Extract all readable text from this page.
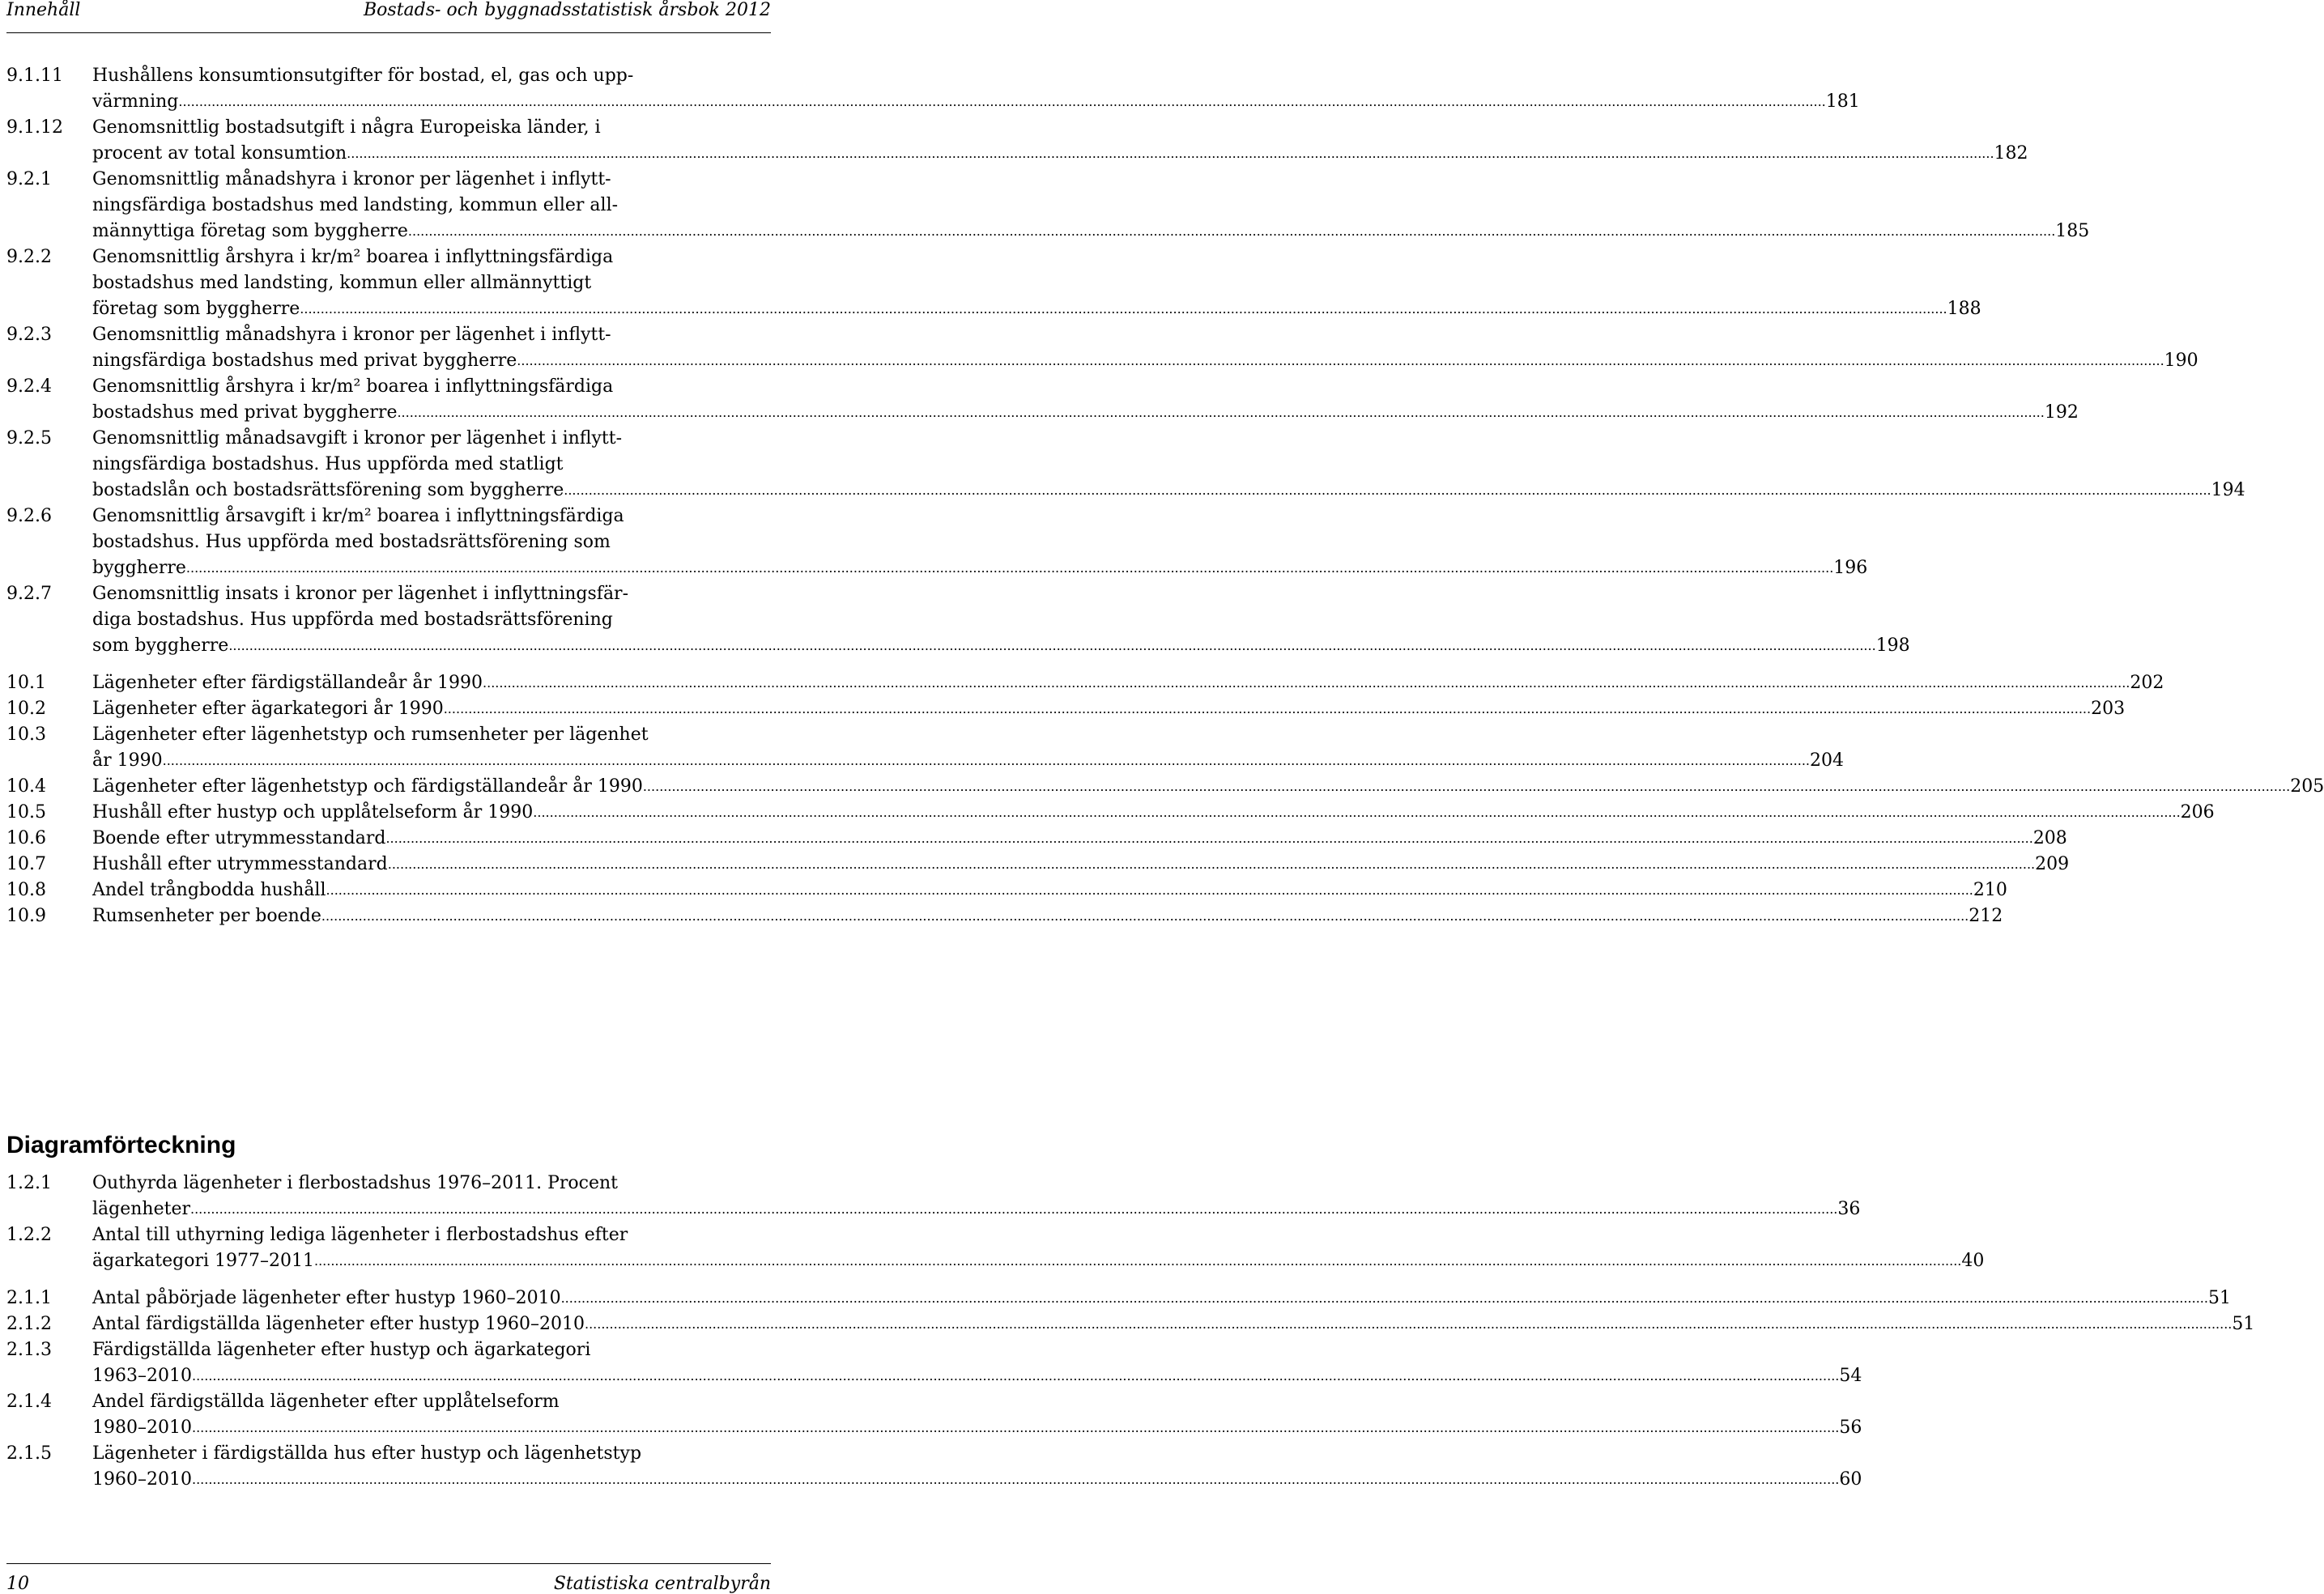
Innehåll	Bostads- och byggnadsstatistisk årsbok 2012
9.1.11 Hushållens konsumtionsutgifter för bostad, el, gas och upp-
värmning ................................................................................................................................................................................................................................................................................................................................................................................................................ 181
9.1.12 Genomsnittlig bostadsutgift i några Europeiska länder, i
procent av total konsumtion ................................................................................................................................................................................................................................................................................................................................................................................................................ 182
9.2.1 Genomsnittlig månadshyra i kronor per lägenhet i inflytt-
ningsfärdiga bostadshus med landsting, kommun eller all-
männyttiga företag som byggherre ................................................................................................................................................................................................................................................................................................................................................................................................................ 185
9.2.2 Genomsnittlig årshyra i kr/m² boarea i inflyttningsfärdiga
bostadshus med landsting, kommun eller allmännyttigt
företag som byggherre ................................................................................................................................................................................................................................................................................................................................................................................................................ 188
9.2.3 Genomsnittlig månadshyra i kronor per lägenhet i inflytt-
ningsfärdiga bostadshus med privat byggherre ................................................................................................................................................................................................................................................................................................................................................................................................................ 190
9.2.4 Genomsnittlig årshyra i kr/m² boarea i inflyttningsfärdiga
bostadshus med privat byggherre ................................................................................................................................................................................................................................................................................................................................................................................................................ 192
9.2.5 Genomsnittlig månadsavgift i kronor per lägenhet i inflytt-
ningsfärdiga bostadshus. Hus uppförda med statligt
bostadslån och bostadsrättsförening som byggherre ................................................................................................................................................................................................................................................................................................................................................................................................................ 194
9.2.6 Genomsnittlig årsavgift i kr/m² boarea i inflyttningsfärdiga
bostadshus. Hus uppförda med bostadsrättsförening som
byggherre ................................................................................................................................................................................................................................................................................................................................................................................................................ 196
9.2.7 Genomsnittlig insats i kronor per lägenhet i inflyttningsfär-
diga bostadshus. Hus uppförda med bostadsrättsförening
som byggherre ................................................................................................................................................................................................................................................................................................................................................................................................................ 198
10.1	Lägenheter efter färdigställandeår år 1990 ................................................................................................................................................................................................................................................................................................................................................................................................................ 202
10.2	Lägenheter efter ägarkategori år 1990 ................................................................................................................................................................................................................................................................................................................................................................................................................ 203
10.3	Lägenheter efter lägenhetstyp och rumsenheter per lägenhet
år 1990 ................................................................................................................................................................................................................................................................................................................................................................................................................ 204
10.4	Lägenheter efter lägenhetstyp och färdigställandeår år 1990 ................................................................................................................................................................................................................................................................................................................................................................................................................ 205
10.5	Hushåll efter hustyp och upplåtelseform år 1990 ................................................................................................................................................................................................................................................................................................................................................................................................................ 206
10.6	Boende efter utrymmesstandard ................................................................................................................................................................................................................................................................................................................................................................................................................ 208
10.7	Hushåll efter utrymmesstandard ................................................................................................................................................................................................................................................................................................................................................................................................................ 209
10.8	Andel trångbodda hushåll ................................................................................................................................................................................................................................................................................................................................................................................................................ 210
10.9	Rumsenheter per boende ................................................................................................................................................................................................................................................................................................................................................................................................................ 212
Diagramförteckning
1.2.1 Outhyrda lägenheter i flerbostadshus 1976–2011. Procent
lägenheter ................................................................................................................................................................................................................................................................................................................................................................................................................ 36
1.2.2 Antal till uthyrning lediga lägenheter i flerbostadshus efter
ägarkategori 1977–2011 ................................................................................................................................................................................................................................................................................................................................................................................................................ 40
2.1.1 Antal påbörjade lägenheter efter hustyp 1960–2010 ................................................................................................................................................................................................................................................................................................................................................................................................................ 51
2.1.2 Antal färdigställda lägenheter efter hustyp 1960–2010 ................................................................................................................................................................................................................................................................................................................................................................................................................ 51
2.1.3 Färdigställda lägenheter efter hustyp och ägarkategori
1963–2010 ................................................................................................................................................................................................................................................................................................................................................................................................................ 54
2.1.4 Andel färdigställda lägenheter efter upplåtelseform
1980–2010 ................................................................................................................................................................................................................................................................................................................................................................................................................ 56
2.1.5 Lägenheter i färdigställda hus efter hustyp och lägenhetstyp
1960–2010 ................................................................................................................................................................................................................................................................................................................................................................................................................ 60
10	Statistiska centralbyrån
